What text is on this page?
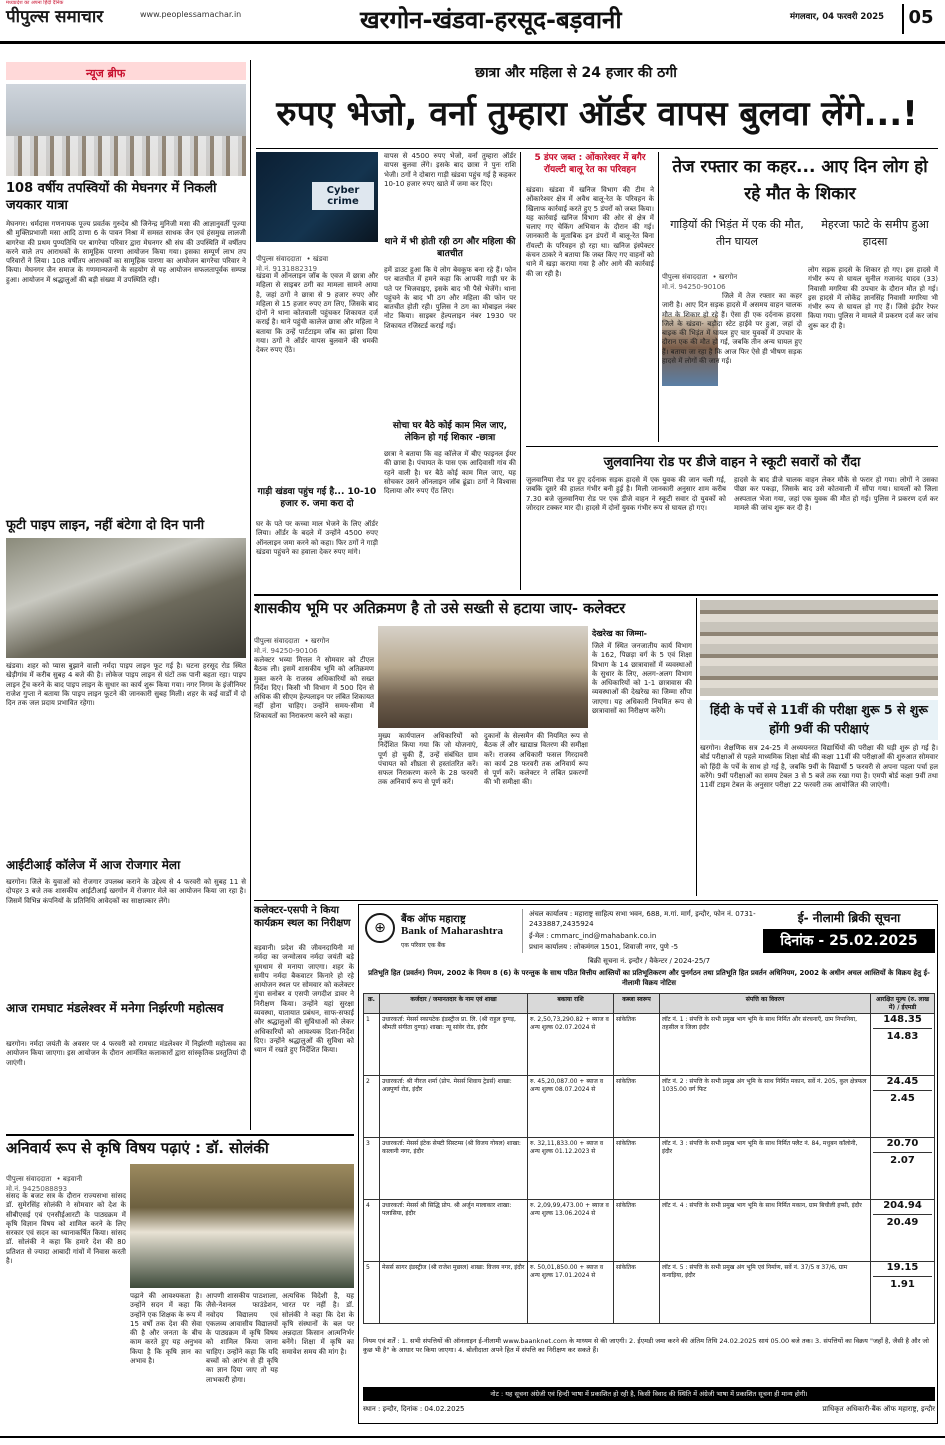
पीपुल्स समाचार
मध्यप्रदेश का अपना हिंदी दैनिक
www.peoplessamachar.in	खरगोन-खंडवा-हरसूद-बड़वानी	मंगलवार, 04 फरवरी 2025	05
न्यूज ब्रीफ
108 वर्षीय तपस्वियों की मेघनगर में निकली जयकार यात्रा
मेघनगर। धर्मदास गणनायक पूज्य प्रवर्तक गुरुदेव श्री जिनेन्द्र मुनिजी मसा की आज्ञानुवर्ती पूज्या श्री मुक्तिप्रभाजी मसा आदि ठाणा 6 के पावन निश्रा में समस्त साधक जैन एवं हंसमुख लालजी बागरेचा की प्रथम पुण्यतिथि पर बागरेचा परिवार द्वारा मेघनगर श्री संघ की उपस्थिति में वर्षीतप करने वाले तप आराधकों के सामूहिक पारणा आयोजन किया गया। इसका सम्पूर्ण लाभ तप परिवारों ने लिया। 108 वर्षीतप आराधकों का सामूहिक पारणा का आयोजन बागरेचा परिवार ने किया। मेघनगर जैन समाज के गणमान्यजनों के सहयोग से यह आयोजन सफलतापूर्वक सम्पन्न हुआ। आयोजन में श्रद्धालुओं की बड़ी संख्या में उपस्थिति रही।
फूटी पाइप लाइन, नहीं बंटेगा दो दिन पानी
खंडवा। शहर को प्यास बुझाने वाली नर्मदा पाइप लाइन फूट गई है। घटना हरसूद रोड स्थित खेड़ीगांव में करीब सुबह 4 बजे की है। लोकेज पाइप लाइन से घंटों तक पानी बहता रहा। पाइप लाइन ट्रेंच करने के बाद पाइप लाइन के सुधार का कार्य शुरू किया गया। नगर निगम के इंजीनियर राजेश गुप्ता ने बताया कि पाइप लाइन फूटने की जानकारी सुबह मिली। शहर के कई वार्डों में दो दिन तक जल प्रदाय प्रभावित रहेगा।
आईटीआई कॉलेज में आज रोजगार मेला
खरगोन। जिले के युवाओं को रोजगार उपलब्ध कराने के उद्देश्य से 4 फरवरी को सुबह 11 से दोपहर 3 बजे तक शासकीय आईटीआई खरगोन में रोजगार मेले का आयोजन किया जा रहा है। जिसमें विभिन्न कंपनियों के प्रतिनिधि आवेदकों का साक्षात्कार लेंगे।
आज रामघाट मंडलेश्वर में मनेगा निर्झरणी महोत्सव
खरगोन। नर्मदा जयंती के अवसर पर 4 फरवरी को रामघाट मंडलेश्वर में निर्झरणी महोत्सव का आयोजन किया जाएगा। इस आयोजन के दौरान आमंत्रित कलाकारों द्वारा सांस्कृतिक प्रस्तुतियां दी जाएंगी।
छात्रा और महिला से 24 हजार की ठगी
रुपए भेजो, वर्ना तुम्हारा ऑर्डर वापस बुलवा लेंगे...!
Cyber crime
पीपुल्स संवाददाता • खंडवा
मो.नं. 9131882319
खंडवा में ऑनलाइन जॉब के एवज में छात्रा और महिला से साइबर ठगी का मामला सामने आया है, जहां ठगों ने छात्रा से 9 हजार रुपए और महिला से 15 हजार रुपए ठग लिए, जिसके बाद दोनों ने थाना कोतवाली पहुंचकर शिकायत दर्ज कराई है। थाने पहुंची कालेज छात्रा और महिला ने बताया कि उन्हें पार्टटाइम जॉब का झांसा दिया गया। ठगों ने ऑर्डर वापस बुलवाने की धमकी देकर रुपए ऐंठे।
गाड़ी खंडवा पहुंच गई है... 10-10 हजार रु. जमा करा दो
घर के पते पर कच्चा माल भेजने के लिए ऑर्डर लिया। ऑर्डर के बदले में उन्होंने 4500 रुपए ऑनलाइन जमा करने को कहा। फिर ठगों ने गाड़ी खंडवा पहुंचने का हवाला देकर रुपए मांगे।
वापस से 4500 रुपए भेजो, वर्ना तुम्हारा ऑर्डर वापस बुलवा लेंगे। इसके बाद छात्रा ने पुनः राशि भेजी। ठगों ने दोबारा गाड़ी खंडवा पहुंच गई है कहकर 10-10 हजार रुपए खाते में जमा कर दिए।
थाने में भी होती रही ठग और महिला की बातचीत
हमें डाउट हुआ कि ये लोग बेवकूफ बना रहे हैं। फोन पर बातचीत में हमने कहा कि आपकी गाड़ी घर के पते पर भिजवाइए, इसके बाद भी पैसे भेजेंगे। थाना पहुंचने के बाद भी ठग और महिला की फोन पर बातचीत होती रही। पुलिस ने ठग का मोबाइल नंबर नोट किया। साइबर हेल्पलाइन नंबर 1930 पर शिकायत रजिस्टर्ड कराई गई।
सोचा घर बैठे कोई काम मिल जाए, लेकिन हो गई शिकार -छात्रा
छात्रा ने बताया कि वह कॉलेज में बीए फाइनल ईयर की छात्रा है। पंचायत के पास एक आदिवासी गांव की रहने वाली है। घर बैठे कोई काम मिल जाए, यह सोचकर उसने ऑनलाइन जॉब ढूंढा। ठगों ने विश्वास दिलाया और रुपए ऐंठ लिए।
5 डंपर जब्त : ओंकारेश्वर में बगैर रॉयल्टी बालू रेत का परिवहन
खंडवा। खंडवा में खनिज विभाग की टीम ने ओंकारेश्वर क्षेत्र में अवैध बालू-रेत के परिवहन के खिलाफ कार्रवाई करते हुए 5 डंपरों को जब्त किया। यह कार्रवाई खनिज विभाग की ओर से क्षेत्र में चलाए गए चेकिंग अभियान के दौरान की गई। जानकारी के मुताबिक इन डंपरों में बालू-रेत बिना रॉयल्टी के परिवहन हो रहा था। खनिज इंस्पेक्टर कंचन ठाकरे ने बताया कि जब्त किए गए वाहनों को थाने में खड़ा कराया गया है और आगे की कार्रवाई की जा रही है।
तेज रफ्तार का कहर... आए दिन लोग हो रहे मौत के शिकार
गाड़ियों की भिड़ंत में एक की मौत, तीन घायल
मेहरजा फाटे के समीप हुआ हादसा
पीपुल्स संवाददाता • खरगोन
मो.नं. 94250-90106
जिले में तेज रफ्तार का कहर जारी है। आए दिन सड़क हादसे में असमय वाहन चालक मौत के शिकार हो रहे हैं। ऐसा ही एक दर्दनाक हादसा जिले के खंडवा- बड़ौदा स्टेट हाईवे पर हुआ, जहां दो बाइक की भिड़ंत में घायल हुए चार युवकों में उपचार के दौरान एक की मौत हो गई, जबकि तीन अन्य घायल हुए हैं। बताया जा रहा है कि आज फिर ऐसे ही भीषण सड़क हादसे में लोगों की जान गई।
लोग सड़क हादसे के शिकार हो गए। इस हादसे में गंभीर रूप से घायल सुनील गजानंद यादव (33) निवासी मगरिया की उपचार के दौरान मौत हो गई। इस हादसे में लोकेंद्र ज्ञानसिंह निवासी मगरिया भी गंभीर रूप से घायल हो गए हैं। जिसे इंदौर रेफर किया गया। पुलिस ने मामले में प्रकरण दर्ज कर जांच शुरू कर दी है।
जुलवानिया रोड पर डीजे वाहन ने स्कूटी सवारों को रौंदा
जुलवानिया रोड पर हुए दर्दनाक सड़क हादसे में एक युवक की जान चली गई, जबकि दूसरे की हालत गंभीर बनी हुई है। मिली जानकारी अनुसार शाम करीब 7.30 बजे जुलवानिया रोड पर एक डीजे वाहन ने स्कूटी सवार दो युवकों को जोरदार टक्कर मार दी। हादसे में दोनों युवक गंभीर रूप से घायल हो गए।
हादसे के बाद डीजे चालक वाहन लेकर मौके से फरार हो गया। लोगों ने उसका पीछा कर पकड़ा, जिसके बाद उसे कोतवाली में सौंपा गया। घायलों को जिला अस्पताल भेजा गया, जहां एक युवक की मौत हो गई। पुलिस ने प्रकरण दर्ज कर मामले की जांच शुरू कर दी है।
शासकीय भूमि पर अतिक्रमण है तो उसे सख्ती से हटाया जाए- कलेक्टर
पीपुल्स संवाददाता • खरगोन
मो.नं. 94250-90106
कलेक्टर भव्या मित्तल ने सोमवार को टीएल बैठक ली। इसमें शासकीय भूमि को अतिक्रमण मुक्त करने के राजस्व अधिकारियों को सख्त निर्देश दिए। किसी भी विभाग में 500 दिन से अधिक की सीएम हेल्पलाइन पर लंबित शिकायत नहीं होना चाहिए। उन्होंने समय-सीमा में शिकायतों का निराकरण करने को कहा।
मुख्य कार्यपालन अधिकारियों को निर्देशित किया गया कि जो योजनाएं, पूर्ण हो चुकी हैं, उन्हें संबंधित ग्राम पंचायत को शीघ्रता से हस्तांतरित करें। सफल निराकरण करने के 28 फरवरी तक अनिवार्य रूप से पूर्ण करें।
दुकानों के सेल्समैन की नियमित रूप से बैठक लें और खाद्यान्न वितरण की समीक्षा करें। राजस्व अधिकारी फसल गिरदावरी का कार्य 28 फरवरी तक अनिवार्य रूप से पूर्ण करें। कलेक्टर ने लंबित प्रकरणों की भी समीक्षा की।
देखरेख का जिम्मा-
जिले में स्थित जनजातीय कार्य विभाग के 162, पिछड़ा वर्ग के 5 एवं शिक्षा विभाग के 14 छात्रावासों में व्यवस्थाओं के सुधार के लिए, अलग-अलग विभाग के अधिकारियों को 1-1 छात्रावास की व्यवस्थाओं की देखरेख का जिम्मा सौंपा जाएगा। यह अधिकारी नियमित रूप से छात्रावासों का निरीक्षण करेंगे।	हिंदी के पर्चे से 11वीं की परीक्षा शुरू 5 से शुरू होंगी 9वीं की परीक्षाएं
खरगोन। शैक्षणिक सत्र 24-25 में अध्ययनरत विद्यार्थियों की परीक्षा की घड़ी शुरू हो गई है। बोर्ड परीक्षाओं से पहले माध्यमिक शिक्षा बोर्ड की कक्षा 11वीं की परीक्षाओं की शुरुआत सोमवार को हिंदी के पर्चे के साथ हो गई है, जबकि 9वीं के विद्यार्थी 5 फरवरी से अपना पहला पर्चा हल करेंगे। 9वीं परीक्षाओं का समय टेबल 3 से 5 बजे तक रखा गया है। एमपी बोर्ड कक्षा 9वीं तथा 11वीं टाइम टेबल के अनुसार परीक्षा 22 फरवरी तक आयोजित की जाएंगी।
कलेक्टर-एसपी ने किया कार्यक्रम स्थल का निरीक्षण
बड़वानी। प्रदेश की जीवनदायिनी मां नर्मदा का जन्मोत्सव नर्मदा जयंती बड़े धूमधाम से मनाया जाएगा। शहर के समीप नर्मदा बैकवाटर किनारे हो रहे आयोजन स्थल पर सोमवार को कलेक्टर गुंचा सनोबर व एसपी जगदीश डावर ने निरीक्षण किया। उन्होंने यहां सुरक्षा व्यवस्था, यातायात प्रबंधन, साफ-सफाई और श्रद्धालुओं की सुविधाओं को लेकर अधिकारियों को आवश्यक दिशा-निर्देश दिए। उन्होंने श्रद्धालुओं की सुविधा को ध्यान में रखते हुए निर्देशित किया।
⊕
बैंक ऑफ महाराष्ट्र
Bank of Maharashtra
एक परिवार एक बैंक
अंचल कार्यालय : महाराष्ट्र साहित्य सभा भवन, 688, म.गां. मार्ग, इन्दौर, फोन नं. 0731-2433887,2435924
ई-मेल : cmmarc_ind@mahabank.co.in
प्रधान कार्यालय : लोकमंगल 1501, शिवाजी नगर, पुणे -5
ई- नीलामी ब्रिकी सूचना
दिनांक - 25.02.2025
बिक्री सूचना नं. इन्दौर / वैकेन्टर / 2024-25/7
प्रतिभूति हित (प्रवर्तन) नियम, 2002 के नियम 8 (6) के परन्तुक के साथ पठित वित्तीय आस्तियों का प्रतिभूतिकरण और पुनर्गठन तथा प्रतिभूति हित प्रवर्तन अधिनियम, 2002 के अधीन अचल आस्तियों के विक्रय हेतु ई-नीलामी विक्रय नोटिस
क्र.	कर्जदार / जमानतदार के नाम एवं शाखा	बकाया राशि	कब्जा स्वरूप	संपत्ति का विवरण	आरक्षित मूल्य (रु. लाख में) / ईएमडी
1	उधारकर्ता: मेसर्स स्कायटेक इंडस्ट्रीज प्रा. लि. (श्री राहुल दुग्गड़, श्रीमती संगीता दुग्गड़) शाखा: न्यू सांवेर रोड, इंदौर	रु. 2,50,73,290.82 + ब्याज व अन्य शुल्क 02.07.2024 से	सांकेतिक	लॉट नं. 1 : संपत्ति के सभी प्रमुख भाग भूमि के साथ निर्मित और संरचनाएँ, ग्राम निपानिया, तहसील व जिला इंदौर	148.35
14.83

2	उधारकर्ता: श्री नीरज शर्मा (प्रोप. मेसर्स शिवाय ट्रेडर्स) शाखा: अन्नपूर्णा रोड, इंदौर	रु. 45,20,087.00 + ब्याज व अन्य शुल्क 08.07.2024 से	सांकेतिक	लॉट नं. 2 : संपत्ति के सभी प्रमुख अंग भूमि के साथ निर्मित मकान, सर्वे नं. 205, कुल क्षेत्रफल 1035.00 वर्ग फिट	24.45
2.45

3	उधारकर्ता: मेसर्स इंटेक सेफ्टी सिस्टम्स (श्री विजय गोयल) शाखा: कालानी नगर, इंदौर	रु. 32,11,833.00 + ब्याज व अन्य शुल्क 01.12.2023 से	सांकेतिक	लॉट नं. 3 : संपत्ति के सभी प्रमुख भाग भूमि के साथ निर्मित फ्लैट नं. 84, मधुबन कॉलोनी, इंदौर	20.70
2.07

4	उधारकर्ता: मेसर्स श्री सिद्धि प्रोप. श्री अर्जुन मालाकार शाखा: पलासिया, इंदौर	रु. 2,09,99,473.00 + ब्याज व अन्य शुल्क 13.06.2024 से	सांकेतिक	लॉट नं. 4 : संपत्ति के सभी प्रमुख भाग भूमि के साथ निर्मित मकान, ग्राम बिचौली हप्सी, इंदौर	204.94
20.49

5	मेसर्स सागर इंडस्ट्रीज (श्री राजेश मुछाल) शाखा: विजय नगर, इंदौर	रु. 50,01,850.00 + ब्याज व अन्य शुल्क 17.01.2024 से	सांकेतिक	लॉट नं. 5 : संपत्ति के सभी प्रमुख अंग भूमि एवं निर्माण, सर्वे नं. 37/5 व 37/6, ग्राम कनाड़िया, इंदौर	19.15
1.91
नियम एवं शर्तें : 1. सभी संपत्तियों की ऑनलाइन ई-नीलामी www.baanknet.com के माध्यम से की जाएगी। 2. ईएमडी जमा करने की अंतिम तिथि 24.02.2025 सायं 05.00 बजे तक। 3. संपत्तियों का विक्रय "जहाँ है, जैसी है और जो कुछ भी है" के आधार पर किया जाएगा। 4. बोलीदाता अपने हित में संपत्ति का निरीक्षण कर सकते हैं।
नोट : यह सूचना अंग्रेजी एवं हिन्दी भाषा में प्रकाशित हो रही है, किसी विवाद की स्थिति में अंग्रेजी भाषा में प्रकाशित सूचना ही मान्य होगी।
स्थान : इन्दौर, दिनांक : 04.02.2025	प्राधिकृत अधिकारी-बैंक ऑफ महाराष्ट्र, इन्दौर
अनिवार्य रूप से कृषि विषय पढ़ाएं : डॉ. सोलंकी
पीपुल्स संवाददाता • बड़वानी
मो.नं. 9425088893
संसद के बजट सत्र के दौरान राज्यसभा सांसद डॉ. सुमेरसिंह सोलंकी ने सोमवार को देश के सीबीएसई एवं एनसीईआरटी के पाठ्यक्रम में कृषि विज्ञान विषय को शामिल करने के लिए सरकार एवं सदन का ध्यानाकर्षित किया। सांसद डॉ. सोलंकी ने कहा कि हमारे देश की 80 प्रतिशत से ज्यादा आबादी गांवों में निवास करती है।
पढ़ाने की आवश्यकता है। उन्होंने सदन में कहा कि उन्होंने एक शिक्षक के रूप में 15 वर्षों तक देश की सेवा की है और जनता के बीच काम करते हुए यह अनुभव किया है कि कृषि ज्ञान का अभाव है।
आपणी शासकीय पाठशाला, जैसे-नेशनल फाउंडेशन, नवोदय विद्यालय एवं एकलव्य आवासीय विद्यालयों के पाठ्यक्रम में कृषि विषय को शामिल किया जाना चाहिए। उन्होंने कहा कि यदि बच्चों को आरंभ से ही कृषि का ज्ञान दिया जाए तो यह लाभकारी होगा।
अत्यधिक विदेशी है, यह भारत पर नहीं है। डॉ. सोलंकी ने कहा कि देश के कृषि संस्थानों के बल पर अन्नदाता किसान आत्मनिर्भर बनेंगे। शिक्षा में कृषि का समावेश समय की मांग है।
